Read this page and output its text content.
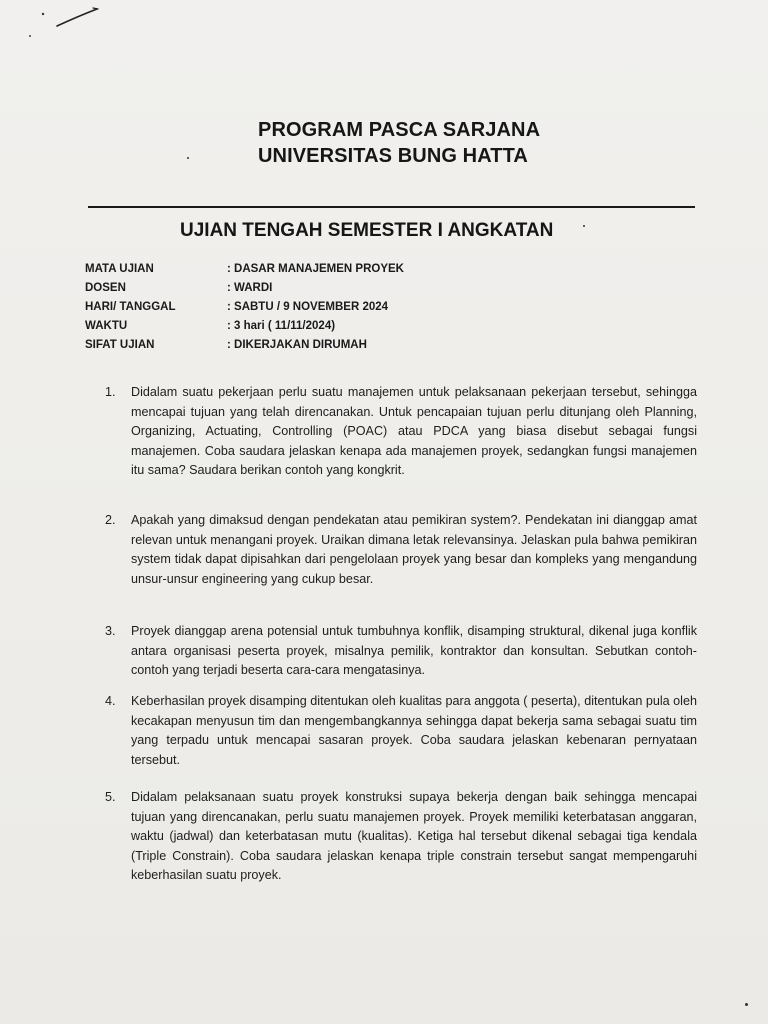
PROGRAM PASCA SARJANA

UNIVERSITAS BUNG HATTA

UJIAN TENGAH SEMESTER I ANGKATAN

MATA UJIAN	: DASAR MANAJEMEN PROYEK
DOSEN	: WARDI
HARI/ TANGGAL	: SABTU / 9 NOVEMBER 2024
WAKTU	: 3 hari ( 11/11/2024)
SIFAT UJIAN	: DIKERJAKAN DIRUMAH
1.	Didalam suatu pekerjaan perlu suatu manajemen untuk pelaksanaan pekerjaan tersebut, sehingga mencapai tujuan yang telah direncanakan. Untuk pencapaian tujuan perlu ditunjang oleh Planning, Organizing, Actuating, Controlling (POAC) atau PDCA yang biasa disebut sebagai fungsi manajemen. Coba saudara jelaskan kenapa ada manajemen proyek, sedangkan fungsi manajemen itu sama? Saudara berikan contoh yang kongkrit.
2.	Apakah yang dimaksud dengan pendekatan atau pemikiran system?. Pendekatan ini dianggap amat relevan untuk menangani proyek. Uraikan dimana letak relevansinya. Jelaskan pula bahwa pemikiran system tidak dapat dipisahkan dari pengelolaan proyek yang besar dan kompleks yang mengandung unsur-unsur engineering yang cukup besar.
3.	Proyek dianggap arena potensial untuk tumbuhnya konflik, disamping struktural, dikenal juga konflik antara organisasi peserta proyek, misalnya pemilik, kontraktor dan konsultan. Sebutkan contoh-contoh yang terjadi beserta cara-cara mengatasinya.
4.	Keberhasilan proyek disamping ditentukan oleh kualitas para anggota ( peserta), ditentukan pula oleh kecakapan menyusun tim dan mengembangkannya sehingga dapat bekerja sama sebagai suatu tim yang terpadu untuk mencapai sasaran proyek. Coba saudara jelaskan kebenaran pernyataan tersebut.
5.	Didalam pelaksanaan suatu proyek konstruksi supaya bekerja dengan baik sehingga mencapai tujuan yang direncanakan, perlu suatu manajemen proyek. Proyek memiliki keterbatasan anggaran, waktu (jadwal) dan keterbatasan mutu (kualitas). Ketiga hal tersebut dikenal sebagai tiga kendala (Triple Constrain). Coba saudara jelaskan kenapa triple constrain tersebut sangat mempengaruhi keberhasilan suatu proyek.
